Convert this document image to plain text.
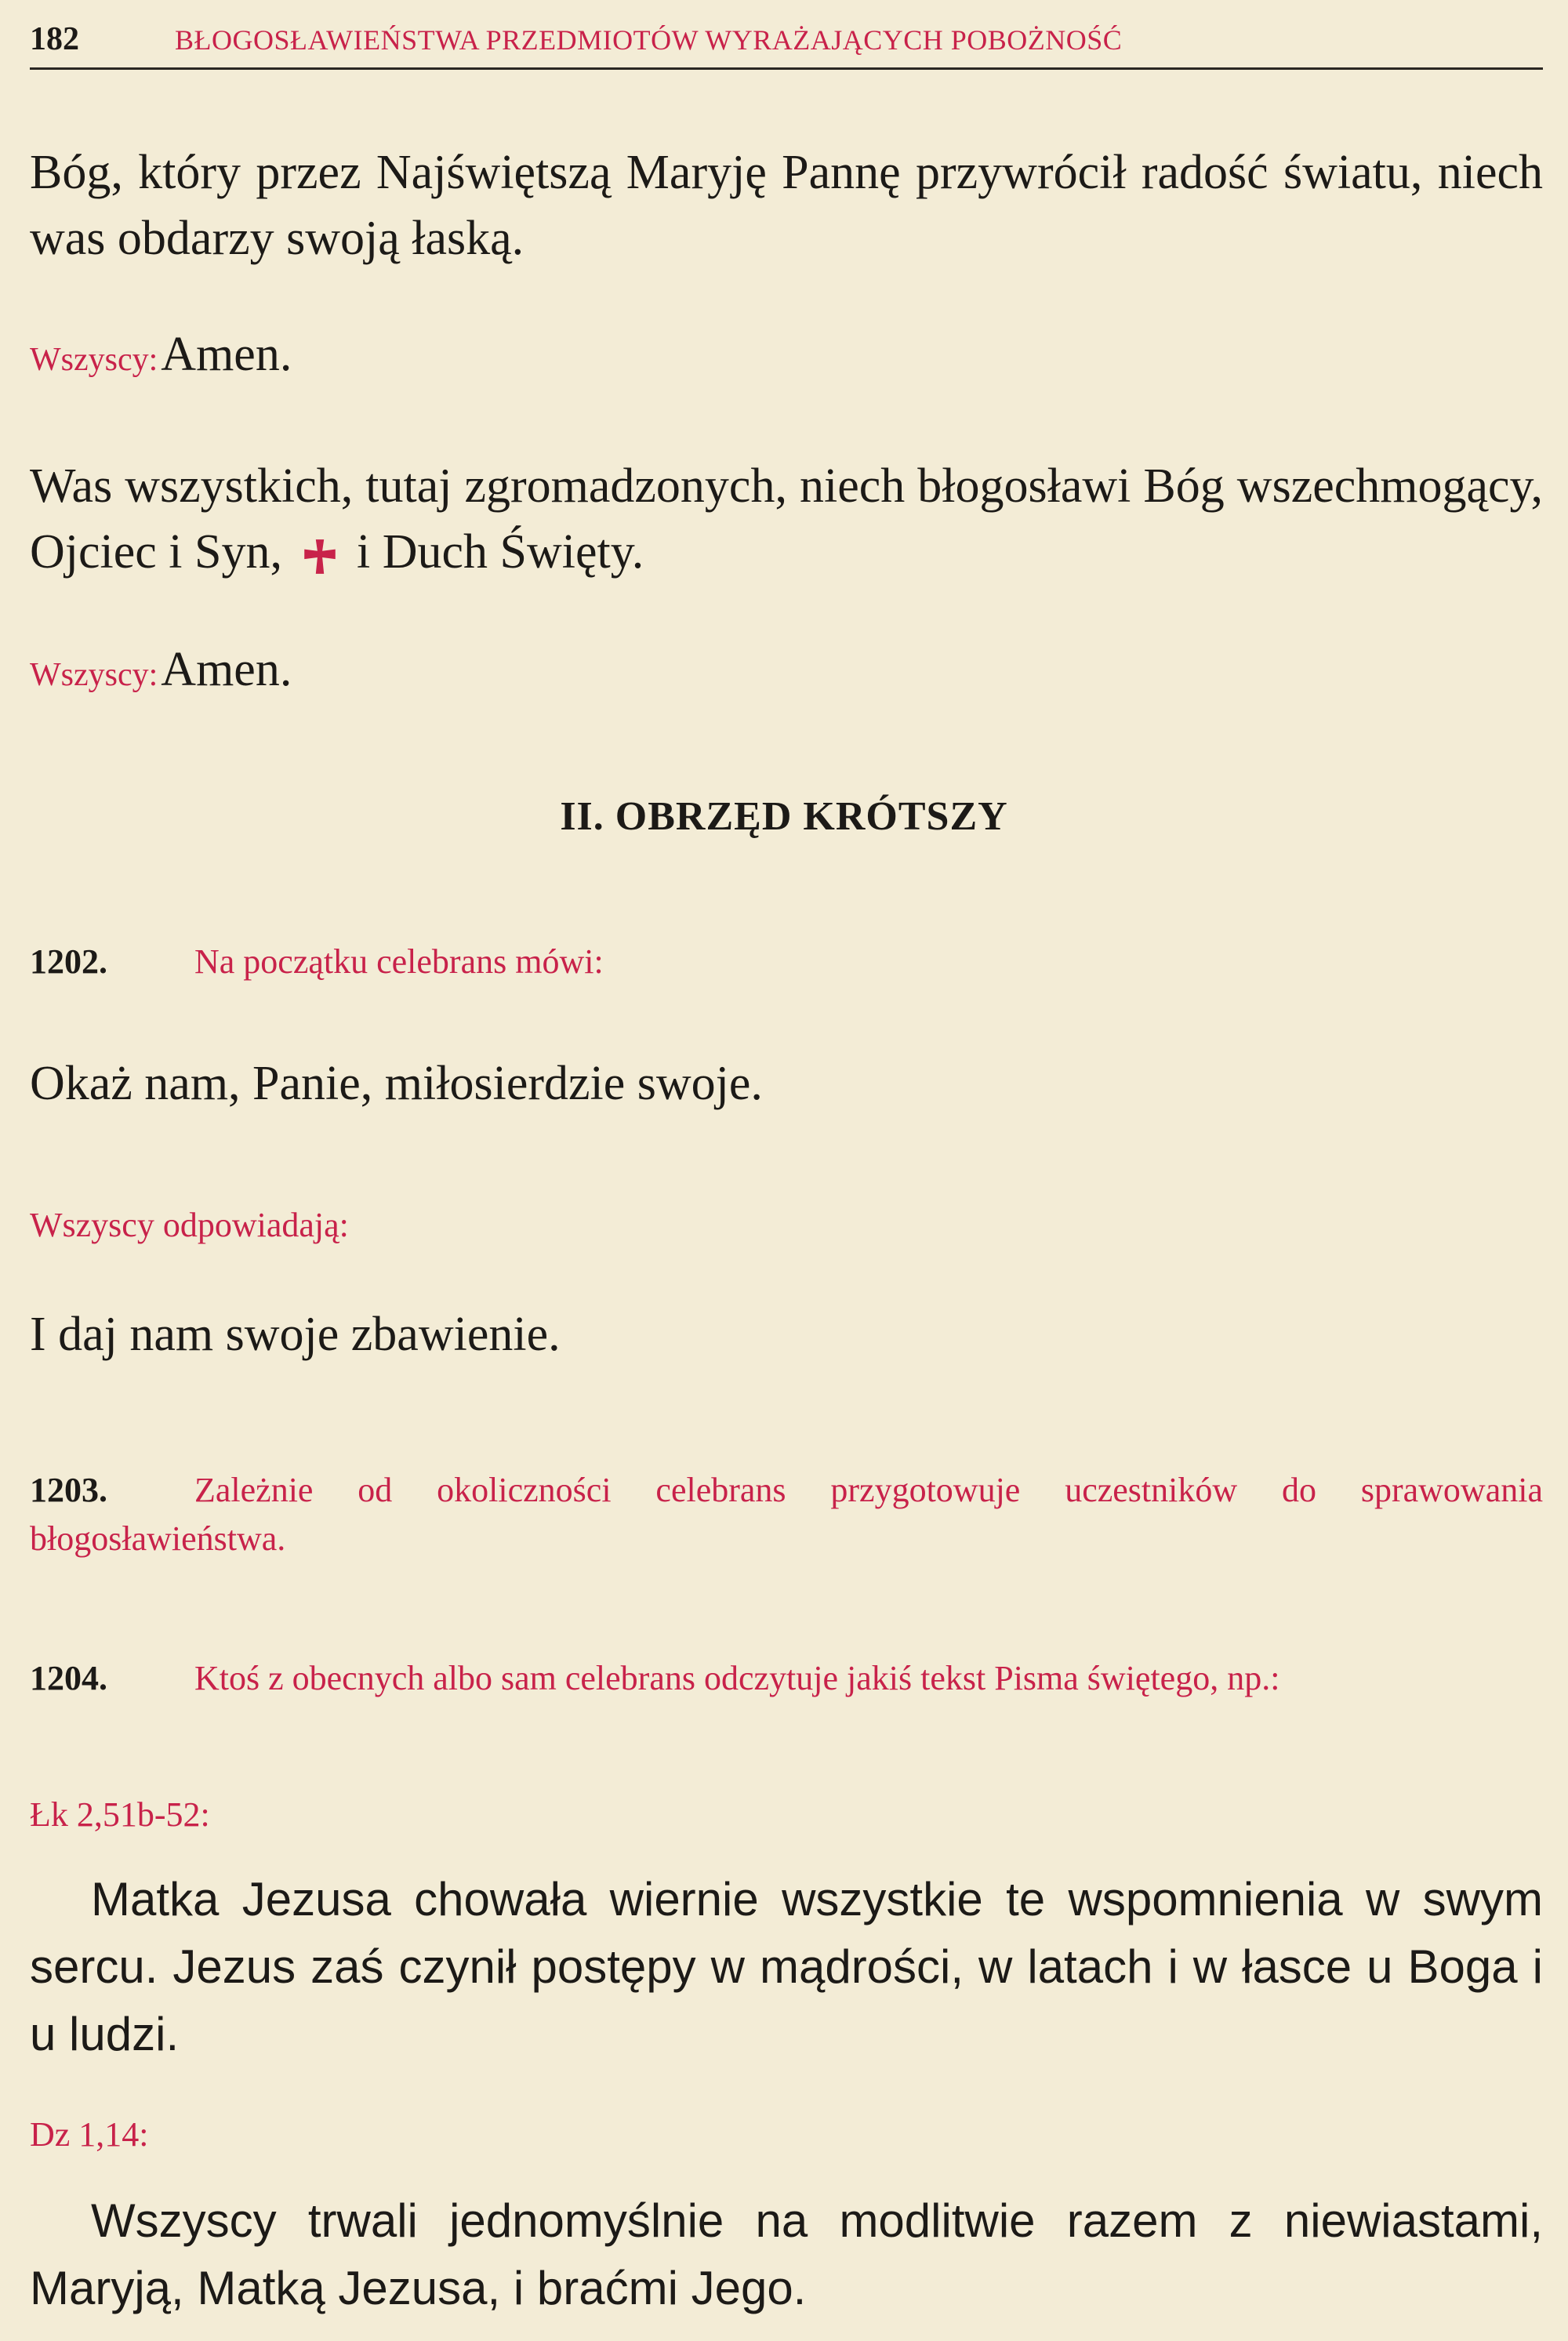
182	BŁOGOSŁAWIEŃSTWA PRZEDMIOTÓW WYRAŻAJĄCYCH POBOŻNOŚĆ
Bóg, który przez Najświętszą Maryję Pannę przywrócił radość światu, niech was obdarzy swoją łaską.
Wszyscy: Amen.
Was wszystkich, tutaj zgromadzonych, niech błogosławi Bóg wszechmogący, Ojciec i Syn, i Duch Święty.
Wszyscy: Amen.
II. OBRZĘD KRÓTSZY
1202.	Na początku celebrans mówi:
Okaż nam, Panie, miłosierdzie swoje.
Wszyscy odpowiadają:
I daj nam swoje zbawienie.
1203.	Zależnie od okoliczności celebrans przygotowuje uczestników do sprawowania błogosławieństwa.
1204.	Ktoś z obecnych albo sam celebrans odczytuje jakiś tekst Pisma świętego, np.:
Łk 2,51b-52:
Matka Jezusa chowała wiernie wszystkie te wspomnienia w swym sercu. Jezus zaś czynił postępy w mądrości, w latach i w łasce u Boga i u ludzi.
Dz 1,14:
Wszyscy trwali jednomyślnie na modlitwie razem z niewiastami, Maryją, Matką Jezusa, i braćmi Jego.
